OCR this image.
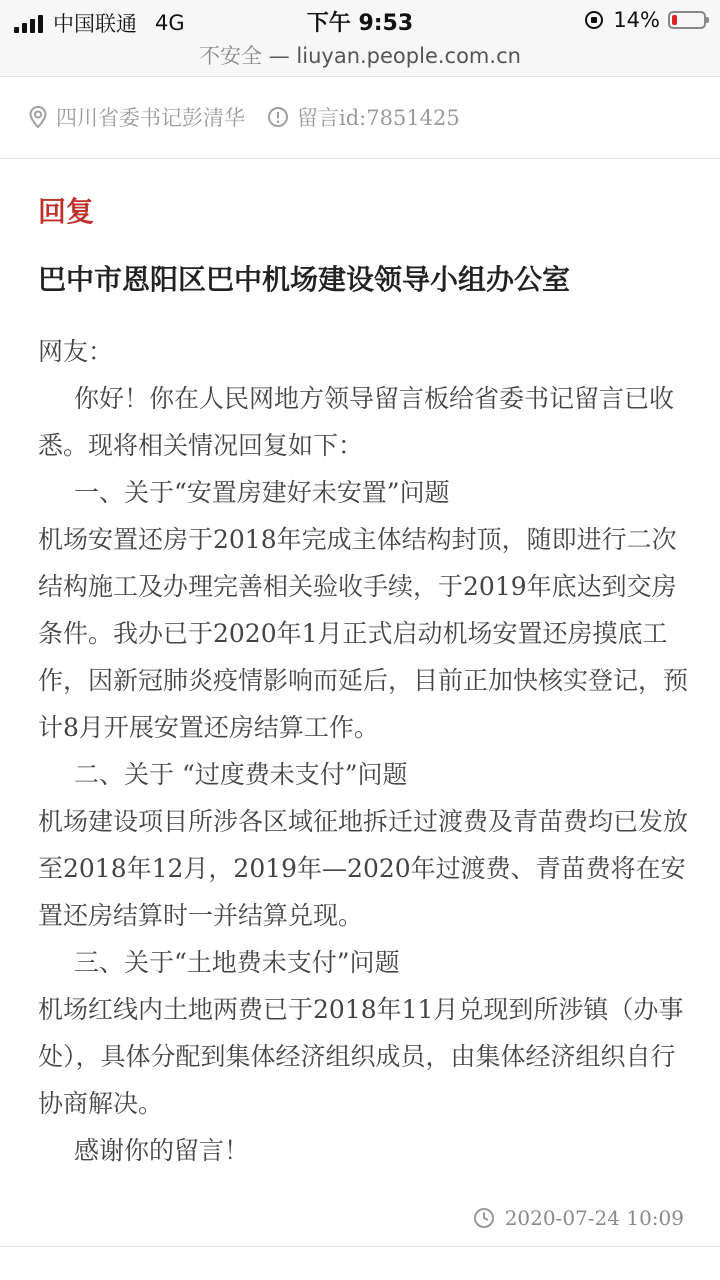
中国联通 4G	下午 9:53	14%
不安全 — liuyan.people.com.cn
四川省委书记彭清华 留言id:7851425
回复
巴中市恩阳区巴中机场建设领导小组办公室

网友：

你好！你在人民网地方领导留言板给省委书记留言已收悉。现将相关情况回复如下：

一、关于“安置房建好未安置”问题

机场安置还房于2018年完成主体结构封顶，随即进行二次结构施工及办理完善相关验收手续，于2019年底达到交房条件。我办已于2020年1月正式启动机场安置还房摸底工作，因新冠肺炎疫情影响而延后，目前正加快核实登记，预计8月开展安置还房结算工作。

二、关于 “过度费未支付”问题

机场建设项目所涉各区域征地拆迁过渡费及青苗费均已发放至2018年12月，2019年—2020年过渡费、青苗费将在安置还房结算时一并结算兑现。

三、关于“土地费未支付”问题

机场红线内土地两费已于2018年11月兑现到所涉镇（办事处），具体分配到集体经济组织成员，由集体经济组织自行协商解决。

感谢你的留言！

2020-07-24 10:09
